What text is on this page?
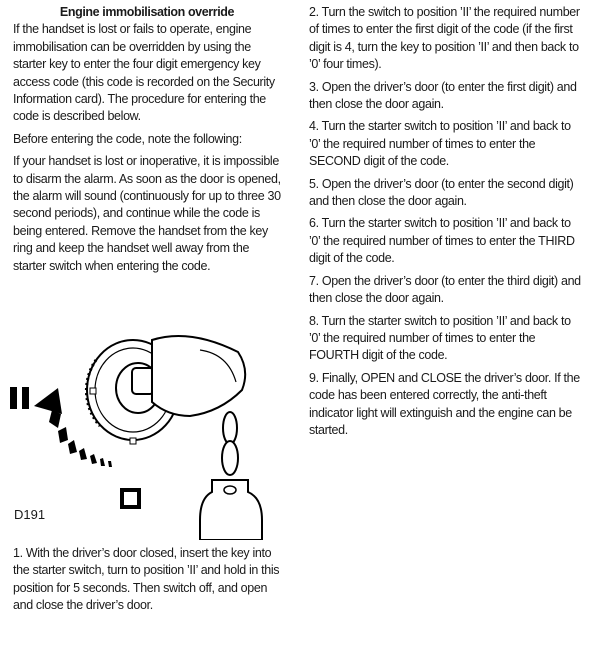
Engine immobilisation override

If the handset is lost or fails to operate, engine immobilisation can be overridden by using the starter key to enter the four digit emergency key access code (this code is recorded on the Security Information card). The procedure for entering the code is described below.

Before entering the code, note the following:

If your handset is lost or inoperative, it is impossible to disarm the alarm. As soon as the door is opened, the alarm will sound (continuously for up to three 30 second periods), and continue while the code is being entered. Remove the handset from the key ring and keep the handset well away from the starter switch when entering the code.

D191
1. With the driver’s door closed, insert the key into the starter switch, turn to position ’II’ and hold in this position for 5 seconds. Then switch off, and open and close the driver’s door.

2. Turn the switch to position ’II’ the required number of times to enter the first digit of the code (if the first digit is 4, turn the key to position ’II’ and then back to ’0’ four times).

3. Open the driver’s door (to enter the first digit) and then close the door again.

4. Turn the starter switch to position ’II’ and back to ’0’ the required number of times to enter the SECOND digit of the code.

5. Open the driver’s door (to enter the second digit) and then close the door again.

6. Turn the starter switch to position ’II’ and back to ’0’ the required number of times to enter the THIRD digit of the code.

7. Open the driver’s door (to enter the third digit) and then close the door again.

8. Turn the starter switch to position ’II’ and back to ’0’ the required number of times to enter the FOURTH digit of the code.

9. Finally, OPEN and CLOSE the driver’s door. If the code has been entered correctly, the anti-theft indicator light will extinguish and the engine can be started.
